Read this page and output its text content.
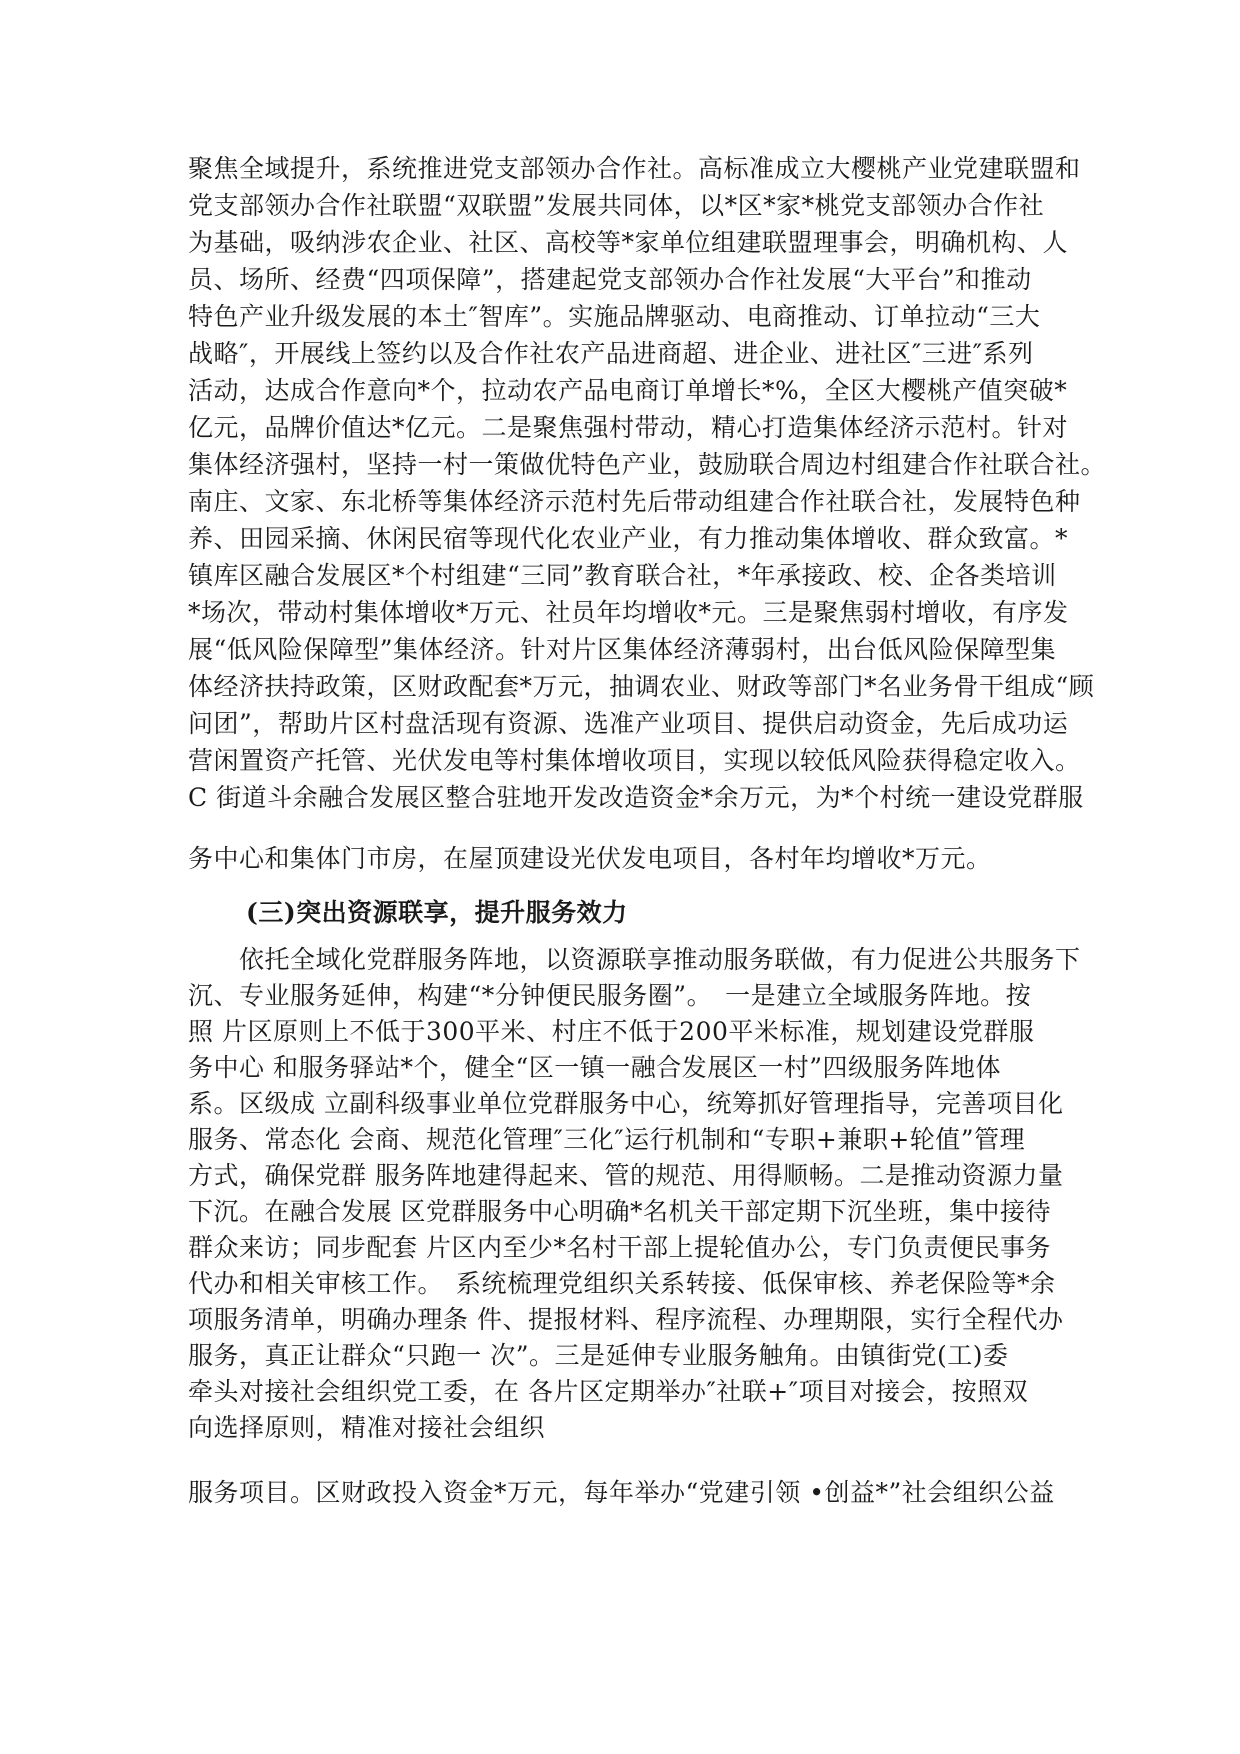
聚焦全域提升，系统推进党支部领办合作社。高标准成立大樱桃产业党建联盟和
党支部领办合作社联盟“双联盟”发展共同体，以*区*家*桃党支部领办合作社
为基础，吸纳涉农企业、社区、高校等*家单位组建联盟理事会，明确机构、人
员、场所、经费“四项保障”，搭建起党支部领办合作社发展“大平台”和推动
特色产业升级发展的本土″智库”。实施品牌驱动、电商推动、订单拉动“三大
战略″，开展线上签约以及合作社农产品进商超、进企业、进社区″三进″系列
活动，达成合作意向*个，拉动农产品电商订单增长*%，全区大樱桃产值突破*
亿元，品牌价值达*亿元。二是聚焦强村带动，精心打造集体经济示范村。针对
集体经济强村，坚持一村一策做优特色产业，鼓励联合周边村组建合作社联合社。
南庄、文家、东北桥等集体经济示范村先后带动组建合作社联合社，发展特色种
养、田园采摘、休闲民宿等现代化农业产业，有力推动集体增收、群众致富。*
镇库区融合发展区*个村组建“三同”教育联合社，*年承接政、校、企各类培训
*场次，带动村集体增收*万元、社员年均增收*元。三是聚焦弱村增收，有序发
展“低风险保障型”集体经济。针对片区集体经济薄弱村，出台低风险保障型集
体经济扶持政策，区财政配套*万元，抽调农业、财政等部门*名业务骨干组成“顾
问团”，帮助片区村盘活现有资源、选准产业项目、提供启动资金，先后成功运
营闲置资产托管、光伏发电等村集体增收项目，实现以较低风险获得稳定收入。
C 街道斗余融合发展区整合驻地开发改造资金*余万元，为*个村统一建设党群服
务中心和集体门市房，在屋顶建设光伏发电项目，各村年均增收*万元。
(三)突出资源联享，提升服务效力
　　依托全域化党群服务阵地，以资源联享推动服务联做，有力促进公共服务下
沉、专业服务延伸，构建“*分钟便民服务圈”。　一是建立全域服务阵地。按
照 片区原则上不低于300平米、村庄不低于200平米标准，规划建设党群服
务中心 和服务驿站*个，健全“区一镇一融合发展区一村”四级服务阵地体
系。区级成 立副科级事业单位党群服务中心，统筹抓好管理指导，完善项目化
服务、常态化 会商、规范化管理″三化″运行机制和“专职+兼职+轮值”管理
方式，确保党群 服务阵地建得起来、管的规范、用得顺畅。二是推动资源力量
下沉。在融合发展 区党群服务中心明确*名机关干部定期下沉坐班，集中接待
群众来访；同步配套 片区内至少*名村干部上提轮值办公，专门负责便民事务
代办和相关审核工作。　系统梳理党组织关系转接、低保审核、养老保险等*余
项服务清单，明确办理条 件、提报材料、程序流程、办理期限，实行全程代办
服务，真正让群众“只跑一 次”。三是延伸专业服务触角。由镇街党(工)委
牵头对接社会组织党工委，在 各片区定期举办″社联+″项目对接会，按照双
向选择原则，精准对接社会组织
服务项目。区财政投入资金*万元，每年举办“党建引领 •创益*”社会组织公益
